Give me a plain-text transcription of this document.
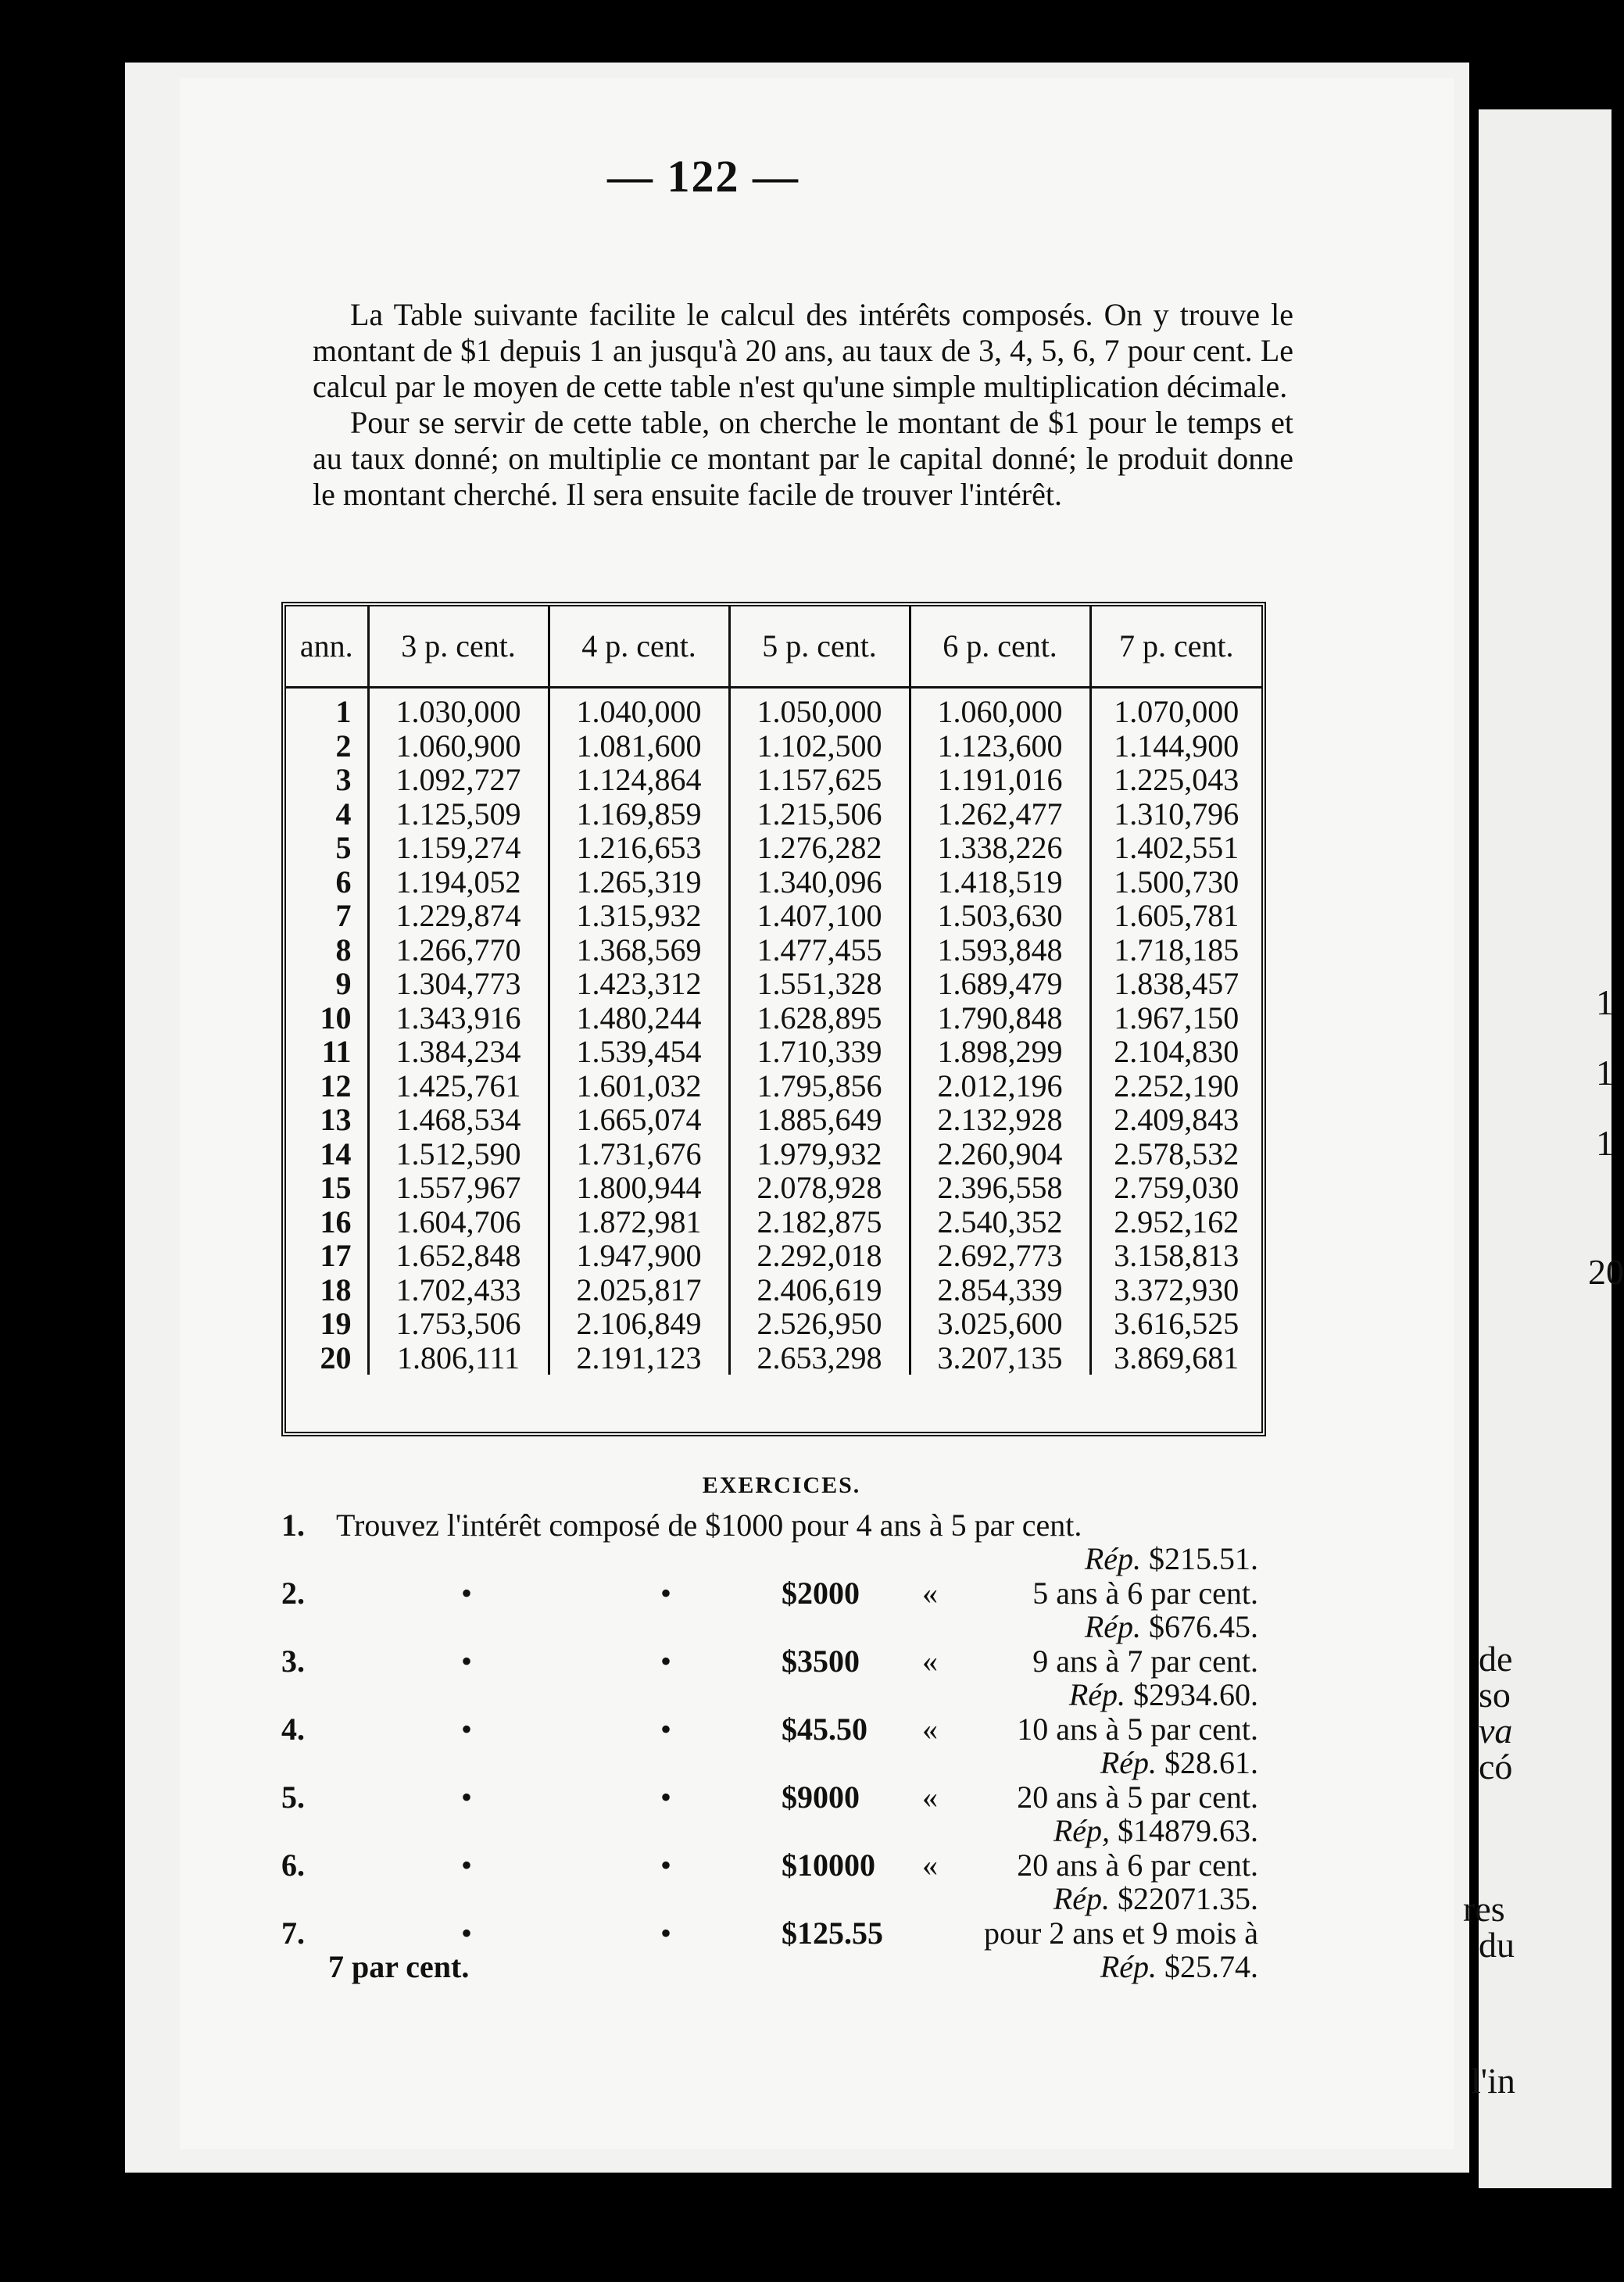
de
so
va
có
res
du
l'in
1
1
1
20
— 122 —

La Table suivante facilite le calcul des intérêts composés. On y trouve le montant de $1 depuis 1 an jusqu'à 20 ans, au taux de 3, 4, 5, 6, 7 pour cent. Le calcul par le moyen de cette table n'est qu'une simple multiplication décimale.

Pour se servir de cette table, on cherche le montant de $1 pour le temps et au taux donné; on multiplie ce montant par le capital donné; le produit donne le montant cherché. Il sera ensuite facile de trouver l'intérêt.

ann.	3 p. cent.	4 p. cent.	5 p. cent.	6 p. cent.	7 p. cent.
1	1.030,000	1.040,000	1.050,000	1.060,000	1.070,000
2	1.060,900	1.081,600	1.102,500	1.123,600	1.144,900
3	1.092,727	1.124,864	1.157,625	1.191,016	1.225,043
4	1.125,509	1.169,859	1.215,506	1.262,477	1.310,796
5	1.159,274	1.216,653	1.276,282	1.338,226	1.402,551
6	1.194,052	1.265,319	1.340,096	1.418,519	1.500,730
7	1.229,874	1.315,932	1.407,100	1.503,630	1.605,781
8	1.266,770	1.368,569	1.477,455	1.593,848	1.718,185
9	1.304,773	1.423,312	1.551,328	1.689,479	1.838,457
10	1.343,916	1.480,244	1.628,895	1.790,848	1.967,150
11	1.384,234	1.539,454	1.710,339	1.898,299	2.104,830
12	1.425,761	1.601,032	1.795,856	2.012,196	2.252,190
13	1.468,534	1.665,074	1.885,649	2.132,928	2.409,843
14	1.512,590	1.731,676	1.979,932	2.260,904	2.578,532
15	1.557,967	1.800,944	2.078,928	2.396,558	2.759,030
16	1.604,706	1.872,981	2.182,875	2.540,352	2.952,162
17	1.652,848	1.947,900	2.292,018	2.692,773	3.158,813
18	1.702,433	2.025,817	2.406,619	2.854,339	3.372,930
19	1.753,506	2.106,849	2.526,950	3.025,600	3.616,525
20	1.806,111	2.191,123	2.653,298	3.207,135	3.869,681
EXERCICES.
1. Trouvez l'intérêt composé de $1000 pour 4 ans à 5 par cent.
Rép. $215.51.
2.	•	•	$2000 «	5 ans à 6 par cent.
Rép. $676.45.
3.	•	•	$3500 «	9 ans à 7 par cent.
Rép. $2934.60.
4.	•	•	$45.50 «	10 ans à 5 par cent.
Rép. $28.61.
5.	•	•	$9000 «	20 ans à 5 par cent.
Rép, $14879.63.
6.	•	•	$10000 «	20 ans à 6 par cent.
Rép. $22071.35.
7.	•	•	$125.55	pour 2 ans et 9 mois à
7 par cent.	Rép. $25.74.
